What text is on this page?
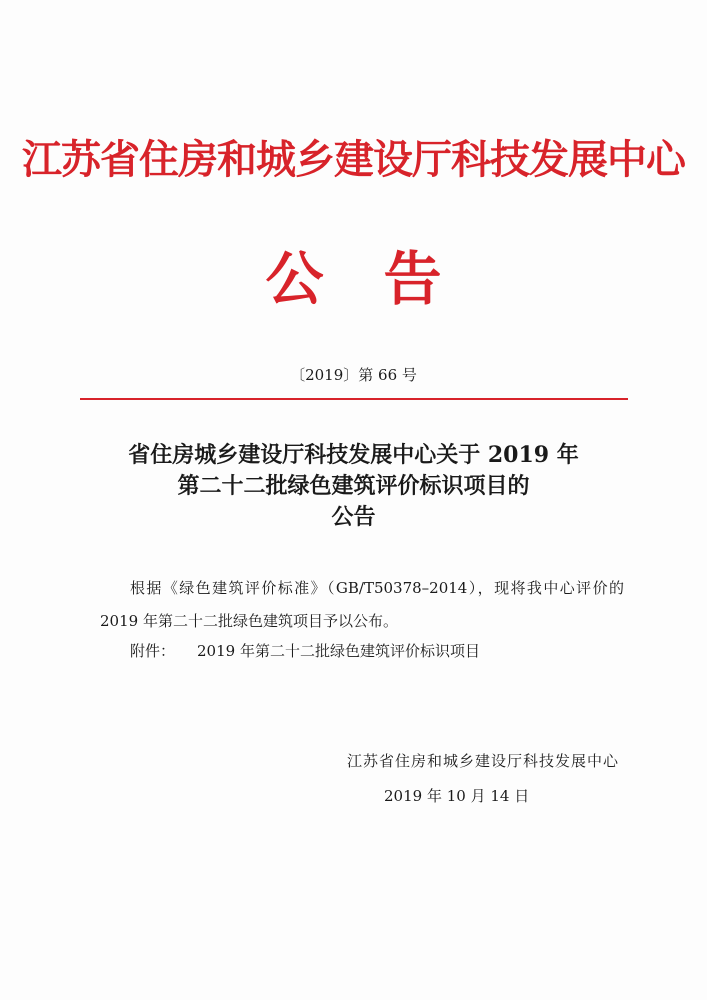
江苏省住房和城乡建设厅科技发展中心
公告
〔2019〕第 66 号
省住房城乡建设厅科技发展中心关于 2019 年
第二十二批绿色建筑评价标识项目的
公告

根据《绿色建筑评价标准》（GB/T50378–2014），现将我中心评价的 2019 年第二十二批绿色建筑项目予以公布。

附件： 2019 年第二十二批绿色建筑评价标识项目
江苏省住房和城乡建设厅科技发展中心
2019 年 10 月 14 日
